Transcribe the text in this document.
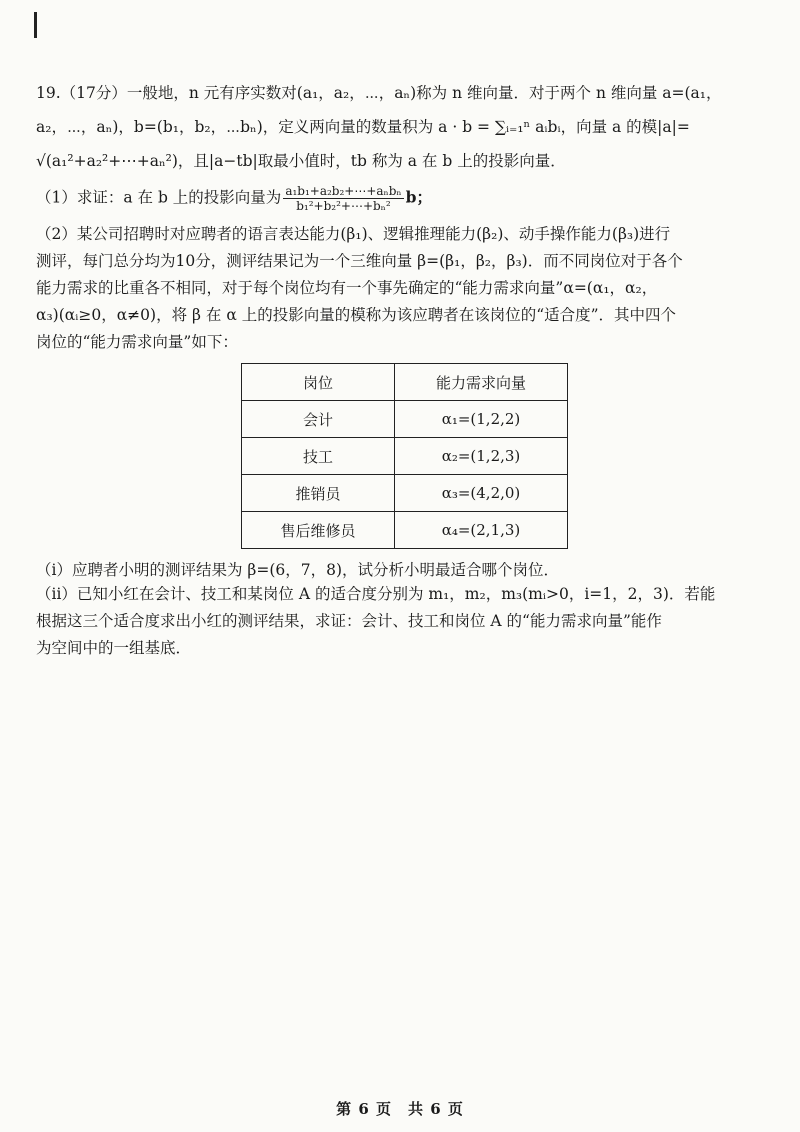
19.（17分）一般地，n 元有序实数对(a₁，a₂，⋯，aₙ)称为 n 维向量．对于两个 n 维向量 a=(a₁，

a₂，⋯，aₙ)，b=(b₁，b₂，⋯bₙ)，定义两向量的数量积为 a · b = ∑ᵢ₌₁ⁿ aᵢbᵢ，向量 a 的模|a|=

√(a₁²+a₂²+⋯+aₙ²)，且|a−tb|取最小值时，tb 称为 a 在 b 上的投影向量．

（1）求证：a 在 b 上的投影向量为 $\frac{\text{a₁b₁+a₂b₂+⋯+aₙbₙ}}{\text{b₁²+b₂²+⋯+bₙ²}}$ b；

（2）某公司招聘时对应聘者的语言表达能力(β₁)、逻辑推理能力(β₂)、动手操作能力(β₃)进行

测评，每门总分均为10分，测评结果记为一个三维向量 β=(β₁，β₂，β₃)．而不同岗位对于各个

能力需求的比重各不相同，对于每个岗位均有一个事先确定的“能力需求向量”α=(α₁，α₂，

α₃)(αᵢ≥0，α≠0)，将 β 在 α 上的投影向量的模称为该应聘者在该岗位的“适合度”．其中四个

岗位的“能力需求向量”如下：

岗位	能力需求向量
会计	α₁=(1,2,2)
技工	α₂=(1,2,3)
推销员	α₃=(4,2,0)
售后维修员	α₄=(2,1,3)

（ⅰ）应聘者小明的测评结果为 β=(6，7，8)，试分析小明最适合哪个岗位．

（ⅱ）已知小红在会计、技工和某岗位 A 的适合度分别为 m₁，m₂，m₃(mᵢ>0，i=1，2，3)．若能

根据这三个适合度求出小红的测评结果，求证：会计、技工和岗位 A 的“能力需求向量”能作

为空间中的一组基底．

第 6 页　共 6 页
